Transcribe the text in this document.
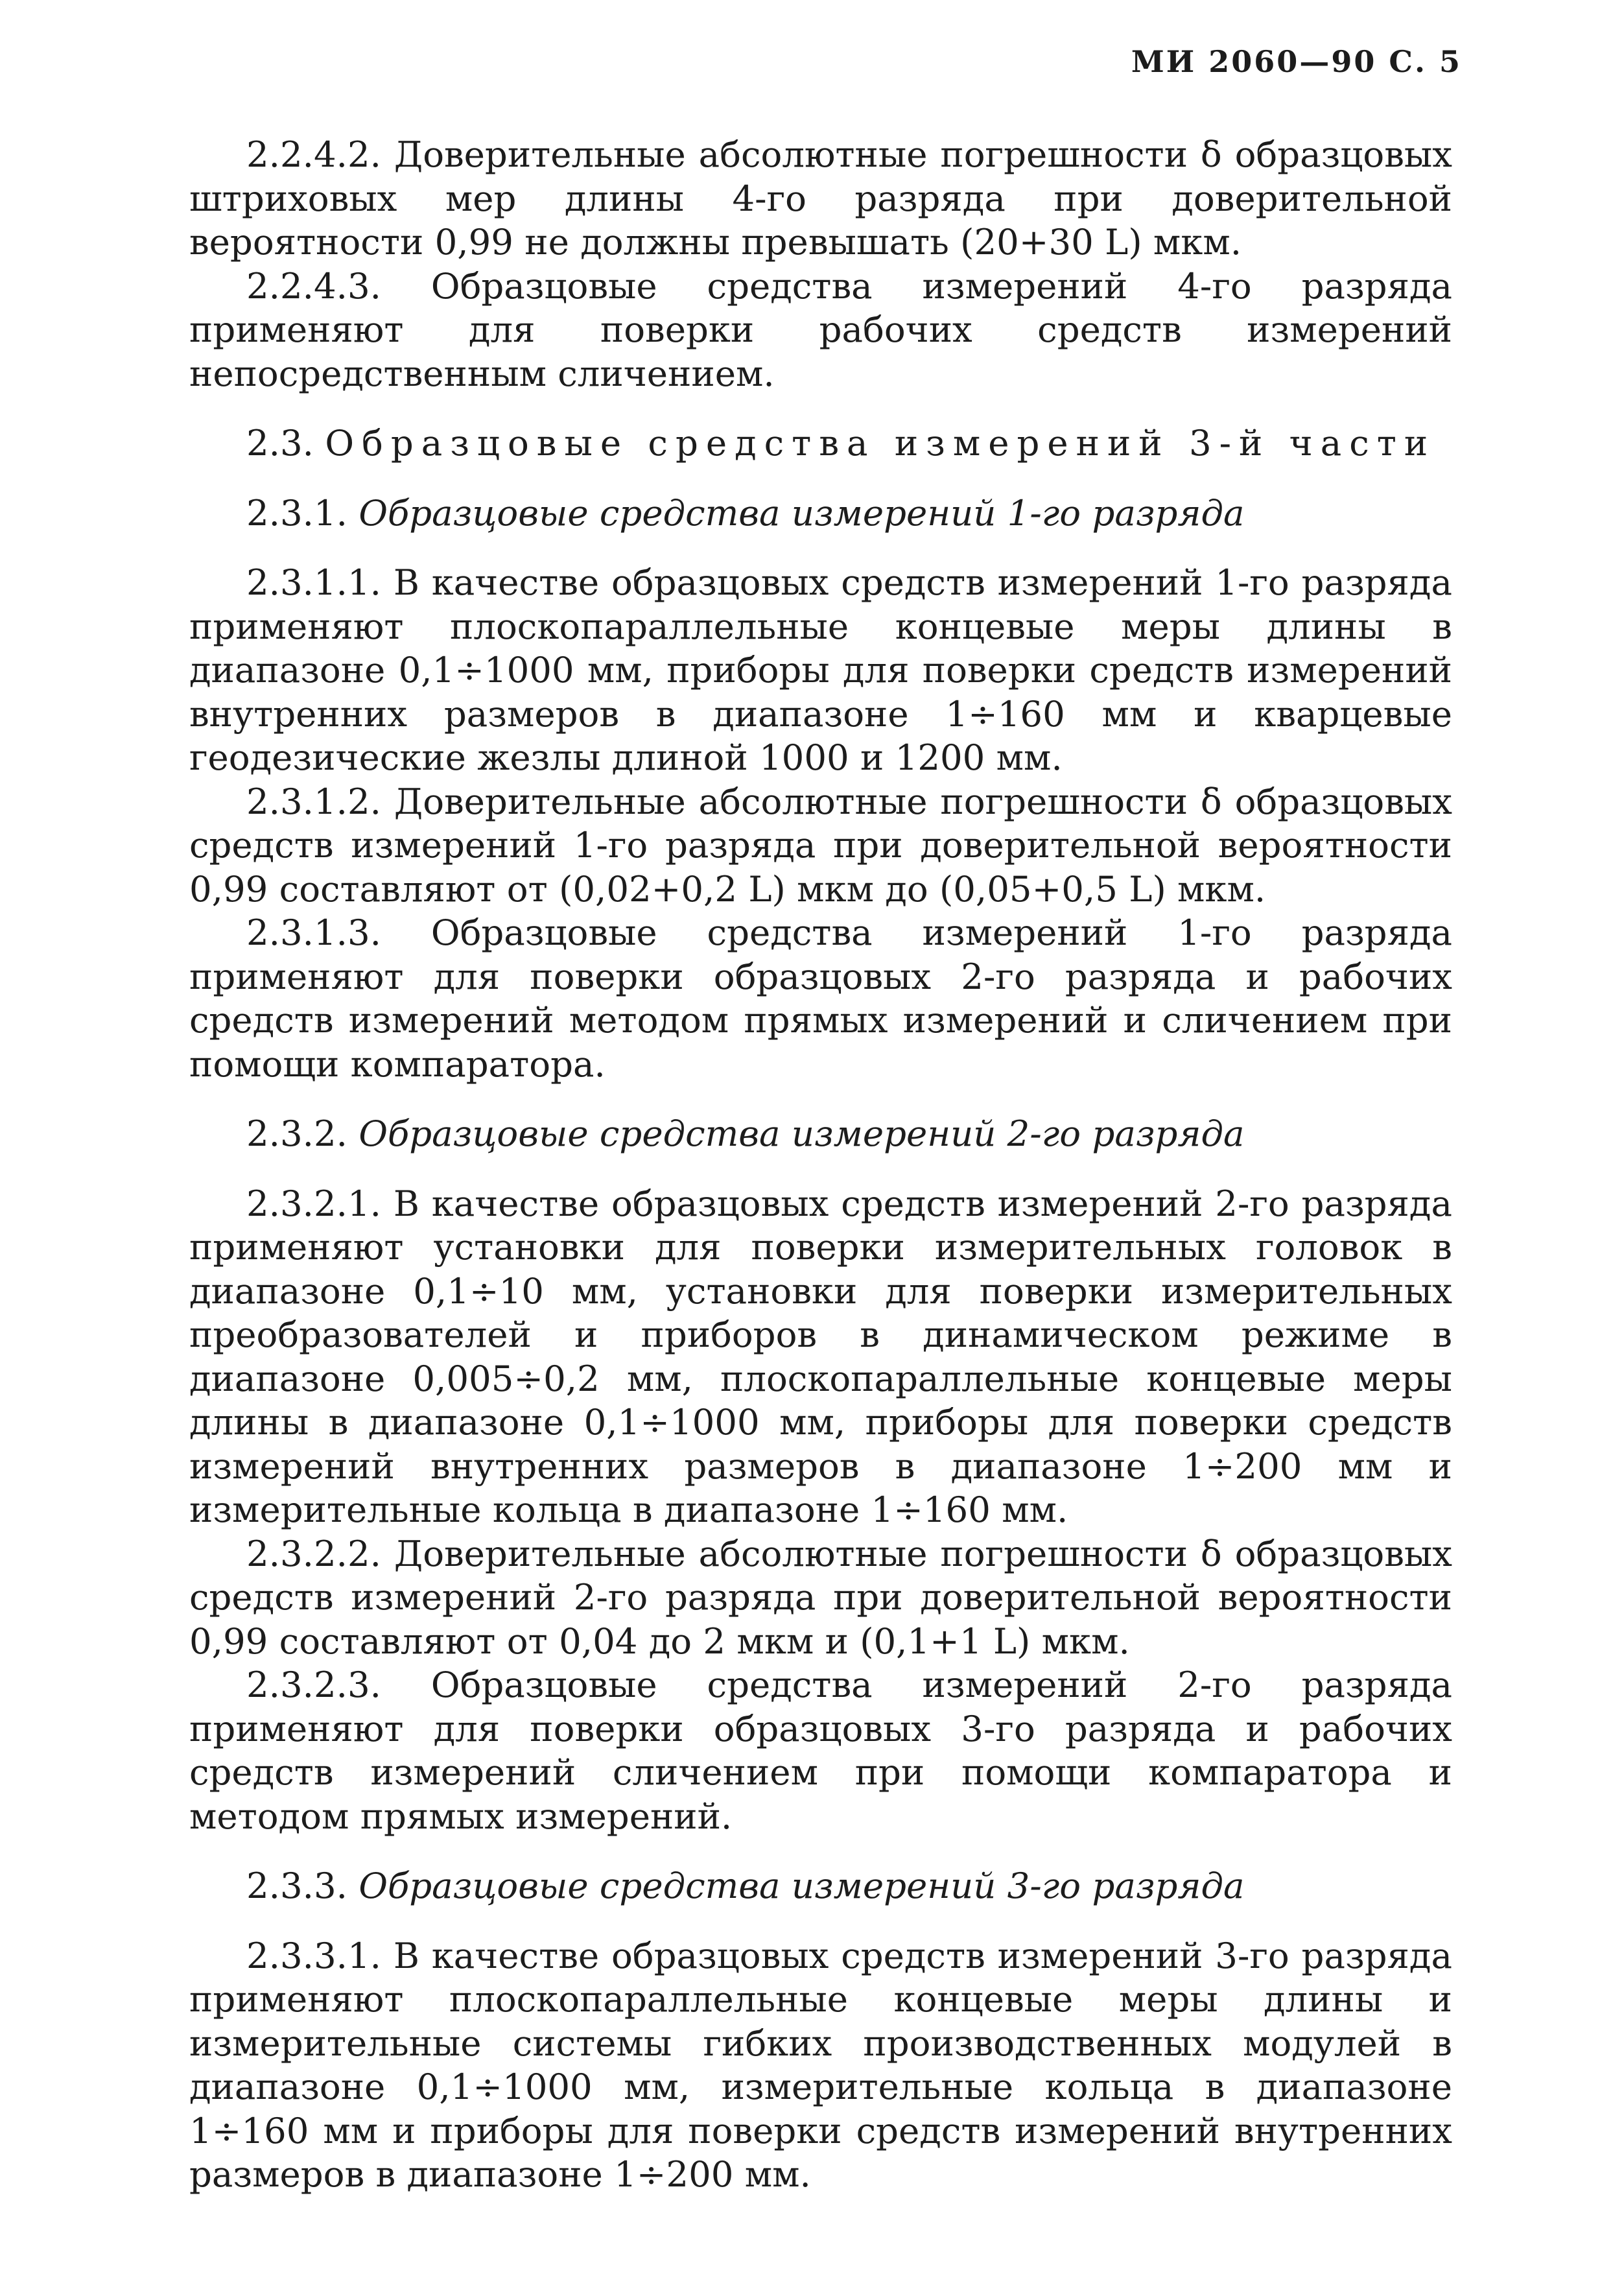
МИ 2060—90 С. 5

2.2.4.2. Доверительные абсолютные погрешности δ образцовых штриховых мер длины 4-го разряда при доверительной вероятности 0,99 не должны превышать (20+30 L) мкм.

2.2.4.3. Образцовые средства измерений 4-го разряда применяют для поверки рабочих средств измерений непосредственным сличением.

2.3. Образцовые средства измерений 3-й части

2.3.1. Образцовые средства измерений 1-го разряда

2.3.1.1. В качестве образцовых средств измерений 1-го разряда применяют плоскопараллельные концевые меры длины в диапазоне 0,1÷1000 мм, приборы для поверки средств измерений внутренних размеров в диапазоне 1÷160 мм и кварцевые геодезические жезлы длиной 1000 и 1200 мм.

2.3.1.2. Доверительные абсолютные погрешности δ образцовых средств измерений 1-го разряда при доверительной вероятности 0,99 составляют от (0,02+0,2 L) мкм до (0,05+0,5 L) мкм.

2.3.1.3. Образцовые средства измерений 1-го разряда применяют для поверки образцовых 2-го разряда и рабочих средств измерений методом прямых измерений и сличением при помощи компаратора.

2.3.2. Образцовые средства измерений 2-го разряда

2.3.2.1. В качестве образцовых средств измерений 2-го разряда применяют установки для поверки измерительных головок в диапазоне 0,1÷10 мм, установки для поверки измерительных преобразователей и приборов в динамическом режиме в диапазоне 0,005÷0,2 мм, плоскопараллельные концевые меры длины в диапазоне 0,1÷1000 мм, приборы для поверки средств измерений внутренних размеров в диапазоне 1÷200 мм и измерительные кольца в диапазоне 1÷160 мм.

2.3.2.2. Доверительные абсолютные погрешности δ образцовых средств измерений 2-го разряда при доверительной вероятности 0,99 составляют от 0,04 до 2 мкм и (0,1+1 L) мкм.

2.3.2.3. Образцовые средства измерений 2-го разряда применяют для поверки образцовых 3-го разряда и рабочих средств измерений сличением при помощи компаратора и методом прямых измерений.

2.3.3. Образцовые средства измерений 3-го разряда

2.3.3.1. В качестве образцовых средств измерений 3-го разряда применяют плоскопараллельные концевые меры длины и измерительные системы гибких производственных модулей в диапазоне 0,1÷1000 мм, измерительные кольца в диапазоне 1÷160 мм и приборы для поверки средств измерений внутренних размеров в диапазоне 1÷200 мм.
